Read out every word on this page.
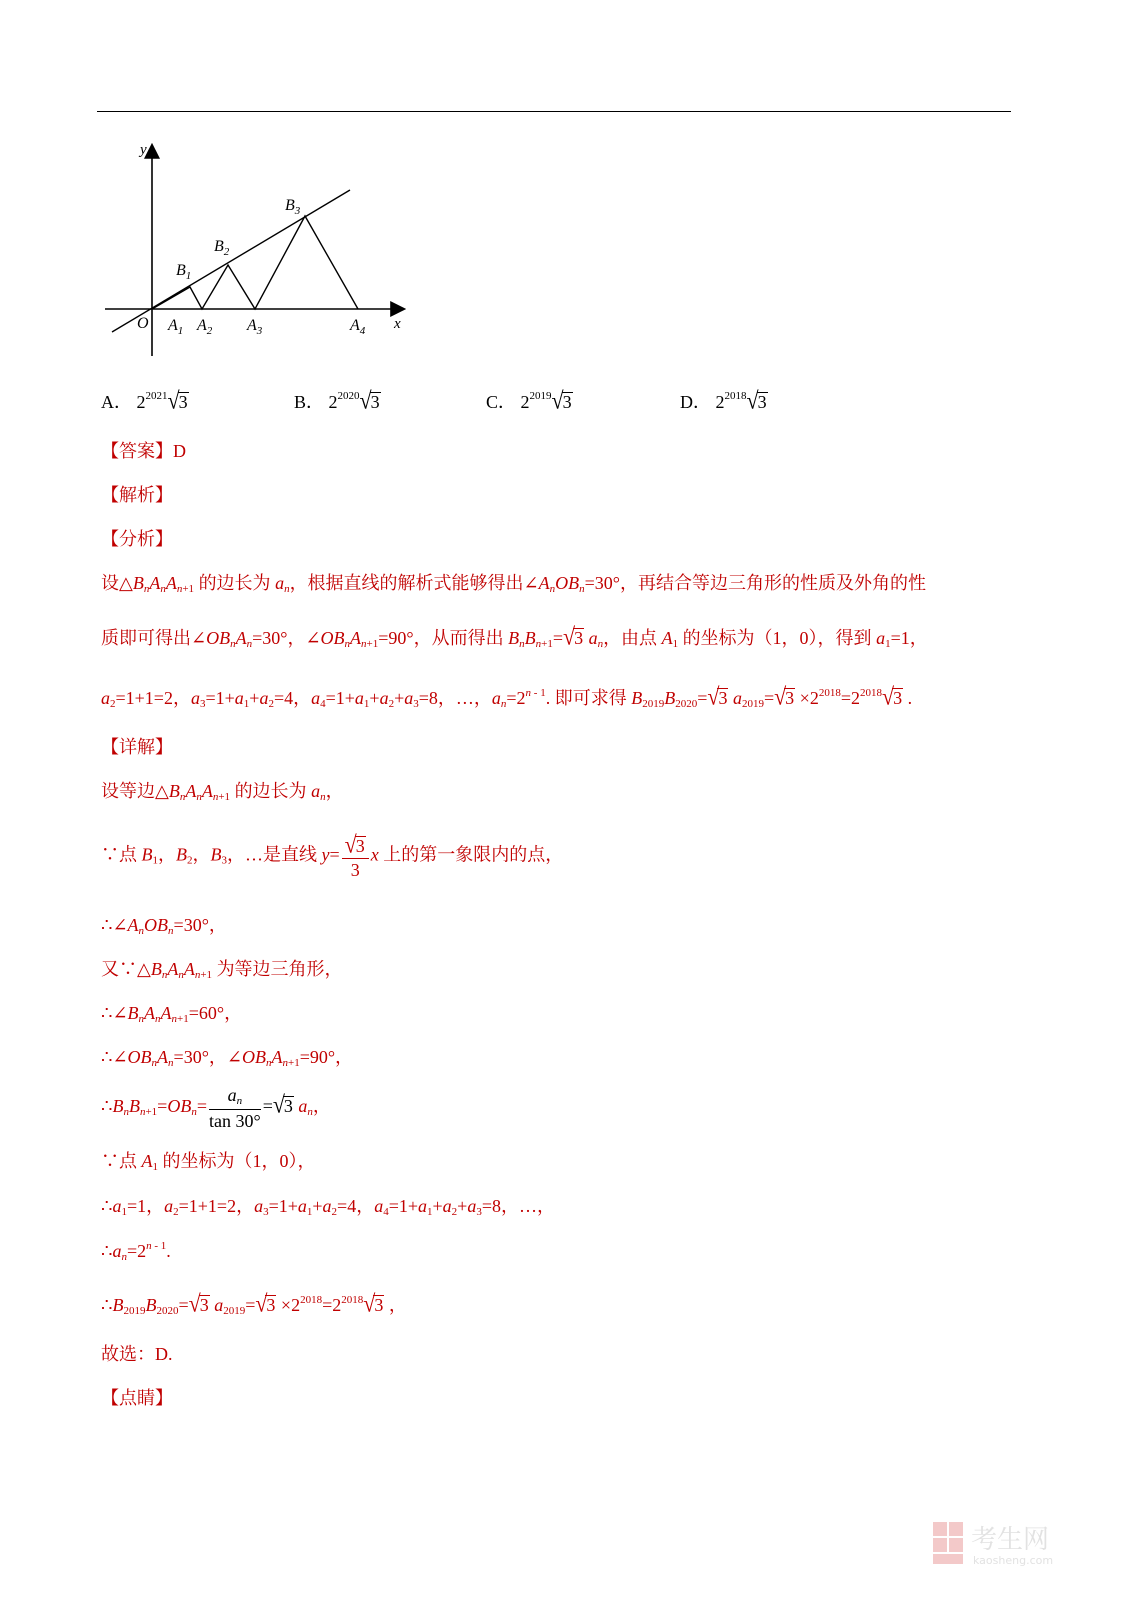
y
x
O $A_1$ $A_2$ $A_3$	$A_4$
$B_1$
$B_2$
$B_3$
A． $2^{2021}√3$	B． $2^{2020}√3$	C． $2^{2019}√3$	D． $2^{2018}√3$
【答案】D
【解析】
【分析】
设$\triangle B_nA_nA_{n+1}$ 的边长为 $a_n$，根据直线的解析式能够得出$\angle A_nOB_n=30^\circ$，再结合等边三角形的性质及外角的性
质即可得出$\angle OB_nA_n=30^\circ$，$\angle OB_nA_{n+1}=90^\circ$，从而得出 $B_nB_{n+1}=√3$ $a_n$，由点 $A_1$ 的坐标为（1，0），得到 $a_1=1$，
$a_2=1+1=2$，$a_3=1+a_1+a_2=4$，$a_4=1+a_1+a_2+a_3=8$，…，$a_n=2^{n - 1}$. 即可求得 $B_{2019}B_{2020}=√3$ $a_{2019}=√3 \times 2^{2018}=2^{2018}√3$ .
【详解】
设等边$\triangle B_nA_nA_{n+1}$ 的边长为 $a_n$，
∵点 $B_1$，$B_2$，$B_3$，…是直线 $y= \frac{√3}{3}$ x 上的第一象限内的点，
$\therefore\angle A_nOB_n=30^\circ$，
又$\because\triangle B_nA_nA_{n+1}$ 为等边三角形，
$\therefore\angle B_nA_nA_{n+1}=60^\circ$，
$\therefore\angle OB_nA_n=30^\circ$，$\angle OB_nA_{n+1}=90^\circ$，
$\therefore B_nB_{n+1}=OB_n= \frac{a_n}{\tan 30^\circ} =√3$ $a_n$，
∵点 $A_1$ 的坐标为（1，0），
$\therefore a_1=1$，$a_2=1+1=2$，$a_3=1+a_1+a_2=4$，$a_4=1+a_1+a_2+a_3=8$，…，
$\therefore a_n=2^{n - 1}$.
$\therefore B_{2019}B_{2020}=√3$ $a_{2019}=√3 \times 2^{2018}=2^{2018}√3$ ，
故选：D.
【点睛】
考生网
kaosheng.com
